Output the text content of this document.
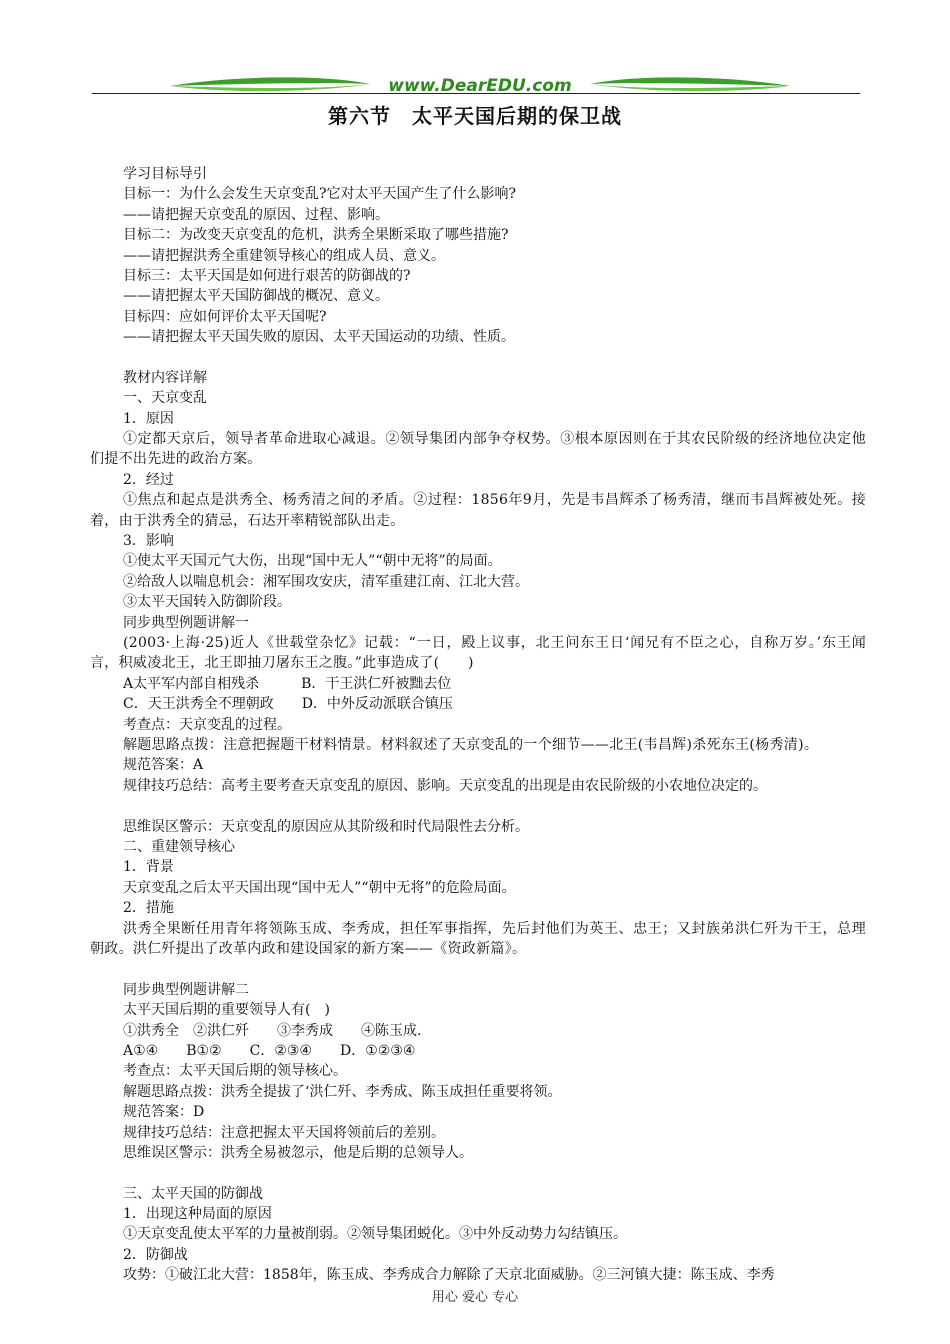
www.DearEDU.com
第六节　太平天国后期的保卫战
学习目标导引
目标一：为什么会发生天京变乱?它对太平天国产生了什么影响?
——请把握天京变乱的原因、过程、影响。
目标二：为改变天京变乱的危机，洪秀全果断采取了哪些措施?
——请把握洪秀全重建领导核心的组成人员、意义。
目标三：太平天国是如何进行艰苦的防御战的?
——请把握太平天国防御战的概况、意义。
目标四：应如何评价太平天国呢?
——请把握太平天国失败的原因、太平天国运动的功绩、性质。
教材内容详解
一、天京变乱
1．原因
①定都天京后，领导者革命进取心减退。②领导集团内部争夺权势。③根本原因则在于其农民阶级的经济地位决定他们提不出先进的政治方案。
2．经过
①焦点和起点是洪秀全、杨秀清之间的矛盾。②过程：1856年9月，先是韦昌辉杀了杨秀清，继而韦昌辉被处死。接着，由于洪秀全的猜忌，石达开率精锐部队出走。
3．影响
①使太平天国元气大伤，出现“国中无人”“朝中无将”的局面。
②给敌人以喘息机会：湘军围攻安庆，清军重建江南、江北大营。
③太平天国转入防御阶段。
同步典型例题讲解一
(2003·上海·25)近人《世载堂杂忆》记载：“一日，殿上议事，北王问东王日‘闻兄有不臣之心，自称万岁。’东王闻言，积威凌北王，北王即抽刀屠东王之腹。”此事造成了(　　)
A太平军内部自相残杀　　　B．干王洪仁歼被黜去位
C．天王洪秀全不理朝政　　D．中外反动派联合镇压
考查点：天京变乱的过程。
解题思路点拨：注意把握题干材料情景。材料叙述了天京变乱的一个细节——北王(韦昌辉)杀死东王(杨秀清)。
规范答案：A
规律技巧总结：高考主要考查天京变乱的原因、影响。天京变乱的出现是由农民阶级的小农地位决定的。
思维误区警示：天京变乱的原因应从其阶级和时代局限性去分析。
二、重建领导核心
1．背景
天京变乱之后太平天国出现“国中无人”“朝中无将”的危险局面。
2．措施
洪秀全果断任用青年将领陈玉成、李秀成，担任军事指挥，先后封他们为英王、忠王；又封族弟洪仁歼为干王，总理朝政。洪仁歼提出了改革内政和建设国家的新方案——《资政新篇》。
同步典型例题讲解二
太平天国后期的重要领导人有(　)
①洪秀全　②洪仁歼　　③李秀成　　④陈玉成.
A①④　　B①②　　C．②③④　　D．①②③④
考查点：太平天国后期的领导核心。
解题思路点拨：洪秀全提拔了‘洪仁歼、李秀成、陈玉成担任重要将领。
规范答案：D
规律技巧总结：注意把握太平天国将领前后的差别。
思维误区警示：洪秀全易被忽示，他是后期的总领导人。
三、太平天国的防御战
1．出现这种局面的原因
①天京变乱使太平军的力量被削弱。②领导集团蜕化。③中外反动势力勾结镇压。
2．防御战
攻势：①破江北大营：1858年，陈玉成、李秀成合力解除了天京北面威胁。②三河镇大捷：陈玉成、李秀
用心 爱心 专心
